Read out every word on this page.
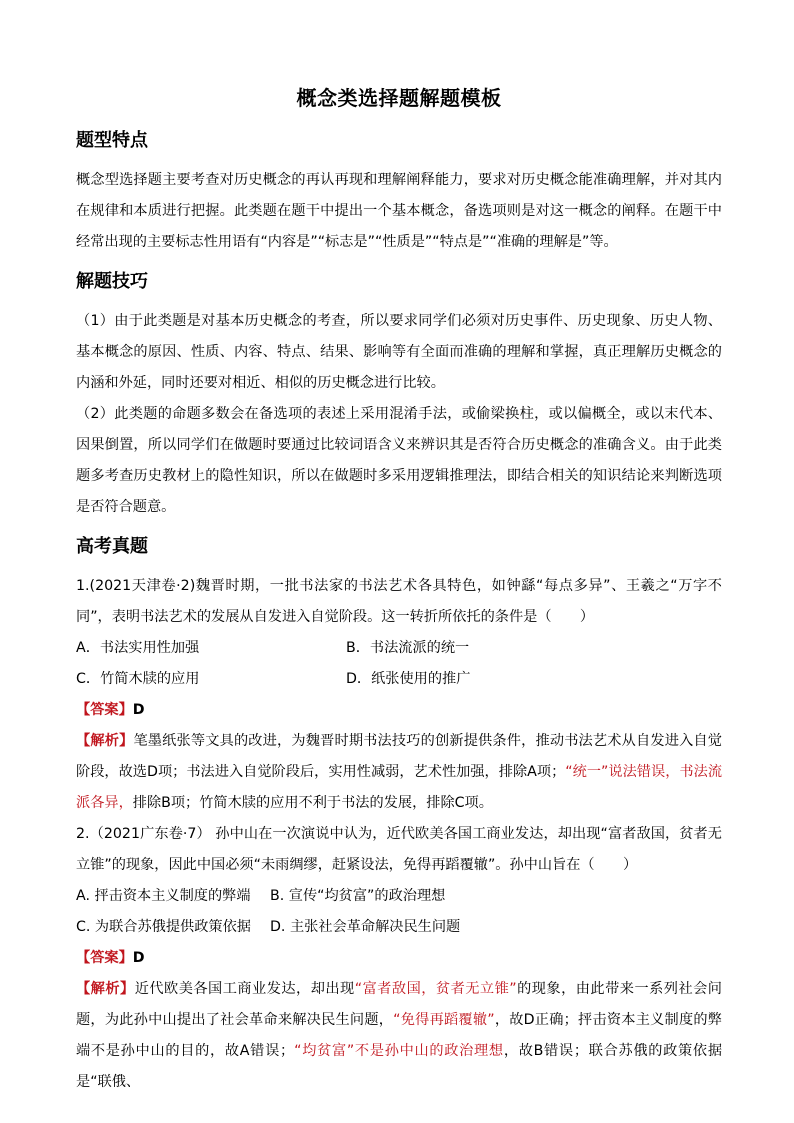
概念类选择题解题模板
题型特点

概念型选择题主要考查对历史概念的再认再现和理解阐释能力，要求对历史概念能准确理解，并对其内在规律和本质进行把握。此类题在题干中提出一个基本概念，备选项则是对这一概念的阐释。在题干中经常出现的主要标志性用语有“内容是”“标志是”“性质是”“特点是”“准确的理解是”等。

解题技巧

（1）由于此类题是对基本历史概念的考查，所以要求同学们必须对历史事件、历史现象、历史人物、基本概念的原因、性质、内容、特点、结果、影响等有全面而准确的理解和掌握，真正理解历史概念的内涵和外延，同时还要对相近、相似的历史概念进行比较。

（2）此类题的命题多数会在备选项的表述上采用混淆手法，或偷梁换柱，或以偏概全，或以末代本、因果倒置，所以同学们在做题时要通过比较词语含义来辨识其是否符合历史概念的准确含义。由于此类题多考查历史教材上的隐性知识，所以在做题时多采用逻辑推理法，即结合相关的知识结论来判断选项是否符合题意。

高考真题

1.(2021天津卷·2)魏晋时期，一批书法家的书法艺术各具特色，如钟繇“每点多异”、王羲之“万字不同”，表明书法艺术的发展从自发进入自觉阶段。这一转折所依托的条件是（　　）

A．书法实用性加强	B．书法流派的统一
C．竹简木牍的应用	D．纸张使用的推广

【答案】D

【解析】笔墨纸张等文具的改进，为魏晋时期书法技巧的创新提供条件，推动书法艺术从自发进入自觉阶段，故选D项；书法进入自觉阶段后，实用性减弱，艺术性加强，排除A项；“统一”说法错误，书法流派各异，排除B项；竹简木牍的应用不利于书法的发展，排除C项。

2.（2021广东卷·7） 孙中山在一次演说中认为，近代欧美各国工商业发达，却出现“富者敌国，贫者无立锥”的现象，因此中国必须“未雨绸缪，赶紧设法，免得再蹈覆辙”。孙中山旨在（　　）

A. 抨击资本主义制度的弊端	B. 宣传“均贫富”的政治理想
C. 为联合苏俄提供政策依据	D. 主张社会革命解决民生问题

【答案】D

【解析】近代欧美各国工商业发达，却出现“富者敌国，贫者无立锥”的现象，由此带来一系列社会问题，为此孙中山提出了社会革命来解决民生问题，“免得再蹈覆辙”，故D正确；抨击资本主义制度的弊端不是孙中山的目的，故A错误；“均贫富”不是孙中山的政治理想，故B错误；联合苏俄的政策依据是“联俄、
